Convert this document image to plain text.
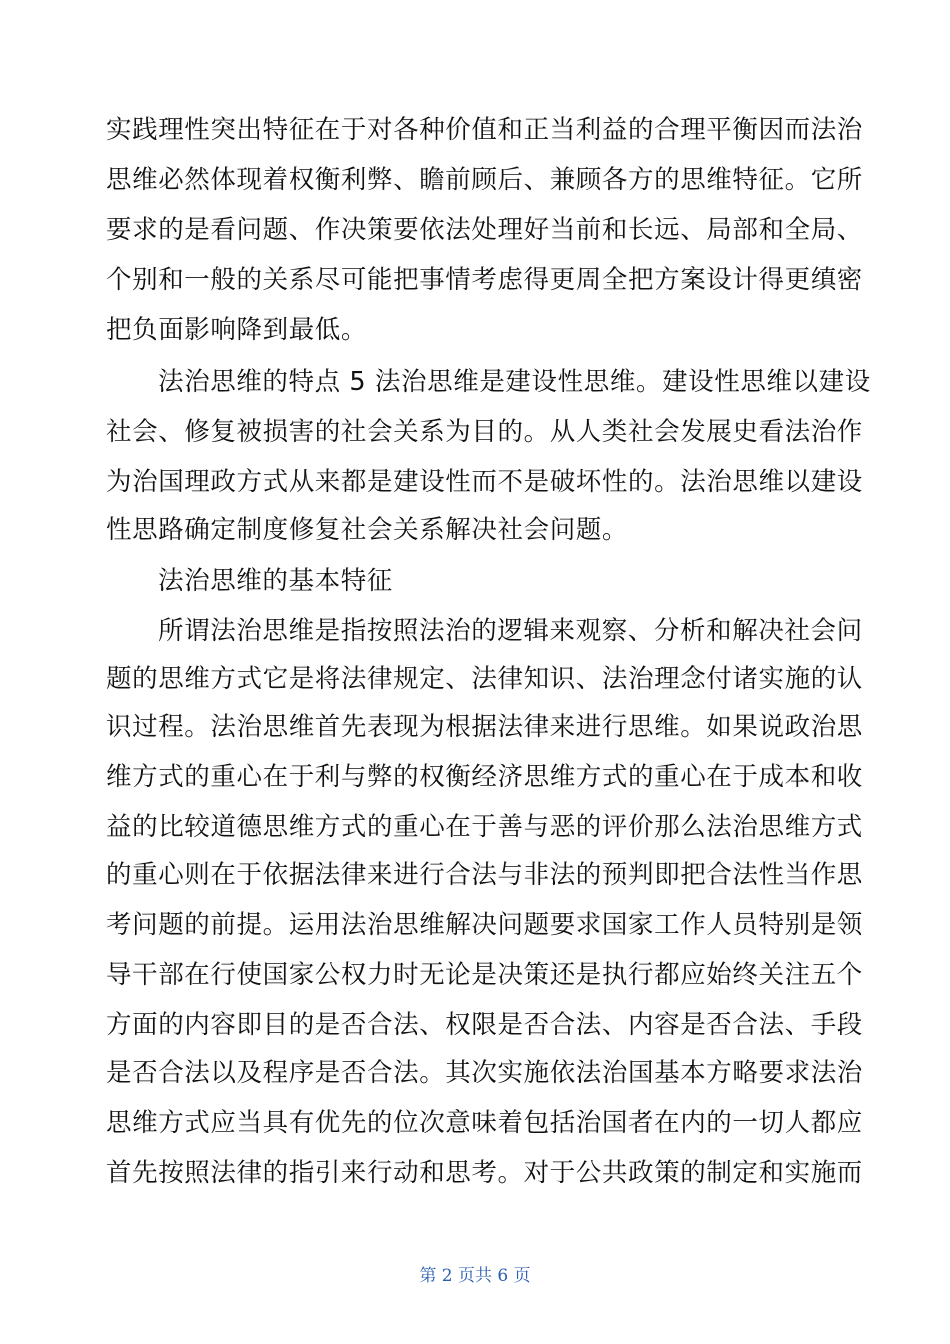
实践理性突出特征在于对各种价值和正当利益的合理平衡因而法治
思维必然体现着权衡利弊、瞻前顾后、兼顾各方的思维特征。它所
要求的是看问题、作决策要依法处理好当前和长远、局部和全局、
个别和一般的关系尽可能把事情考虑得更周全把方案设计得更缜密
把负面影响降到最低。
法治思维的特点 5 法治思维是建设性思维。建设性思维以建设
社会、修复被损害的社会关系为目的。从人类社会发展史看法治作
为治国理政方式从来都是建设性而不是破坏性的。法治思维以建设
性思路确定制度修复社会关系解决社会问题。
法治思维的基本特征
所谓法治思维是指按照法治的逻辑来观察、分析和解决社会问
题的思维方式它是将法律规定、法律知识、法治理念付诸实施的认
识过程。法治思维首先表现为根据法律来进行思维。如果说政治思
维方式的重心在于利与弊的权衡经济思维方式的重心在于成本和收
益的比较道德思维方式的重心在于善与恶的评价那么法治思维方式
的重心则在于依据法律来进行合法与非法的预判即把合法性当作思
考问题的前提。运用法治思维解决问题要求国家工作人员特别是领
导干部在行使国家公权力时无论是决策还是执行都应始终关注五个
方面的内容即目的是否合法、权限是否合法、内容是否合法、手段
是否合法以及程序是否合法。其次实施依法治国基本方略要求法治
思维方式应当具有优先的位次意味着包括治国者在内的一切人都应
首先按照法律的指引来行动和思考。对于公共政策的制定和实施而
第 2 页共 6 页
